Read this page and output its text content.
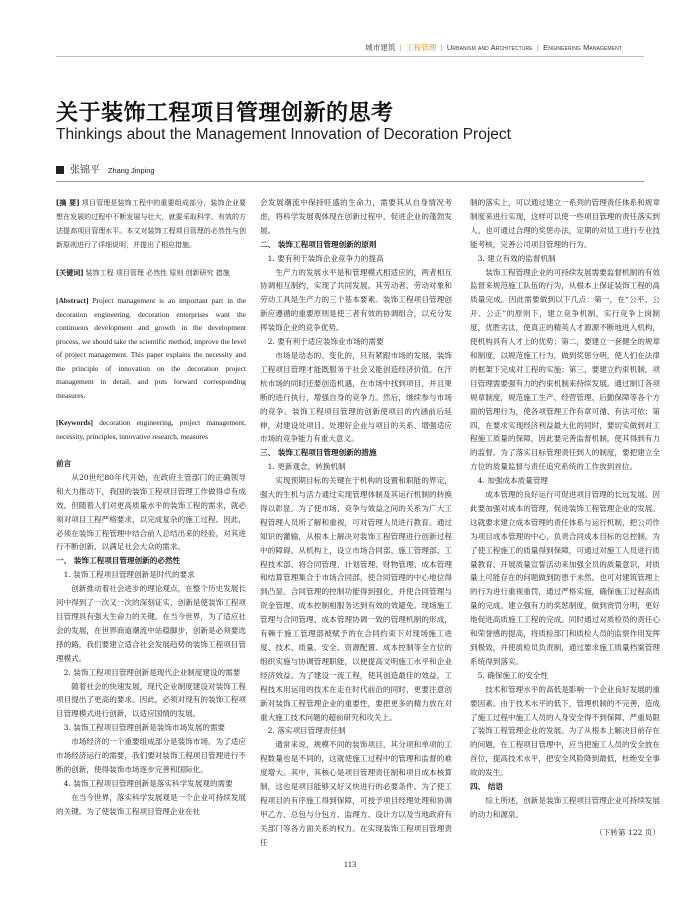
城市建筑 | 工程管理 | Urbanism and Architecture | Engineering Management
关于装饰工程项目管理创新的思考
Thinkings about the Management Innovation of Decoration Project
张锦平 Zhang Jinping

[摘 要] 项目管理是装饰工程中的重要组成部分，装饰企业要想在发展的过程中不断发展与壮大，就要采取科学、有效的方法提高项目管理水平。本文对装饰工程项目管理的必然性与创新原则进行了详细说明，并提出了相应措施。

[关键词] 装饰工程 项目管理 必然性 原则 创新研究 措施

[Abstract] Project management is an important part in the decoration engineering, decoration enterprises want the continuous development and growth in the development process, we should take the scientific method, improve the level of project management. This paper explains the necessity and the principle of innovation on the decoration project management in detail, and puts forward corresponding measures.

[Keywords] decoration engineering, project management, necessity, principles, innovative research, measures

前言

从20世纪80年代开始，在政府主管部门的正确领导和大力推动下，我国的装饰工程项目管理工作做得卓有成效。但随着人们对更高质量水平的装饰工程的需求，就必须对项目工程严格要求，以完成复杂的施工过程。因此，必须在装饰工程管理中结合前人总结出来的经验，对其进行不断创新，以满足社会大众的需求。

一、 装饰工程项目管理创新的必然性

1. 装饰工程项目管理创新是时代的要求

创新推动着社会进步的理论观点，在整个历史发展长河中得到了一次又一次的深刻证实，创新是使装饰工程项目管理具有强大生命力的关键。在当今世界，为了适应社会的发展，在世界商道潮流中站稳脚步，创新是必须要选择的路，我们要建立适合社会发展趋势的装饰工程项目管理模式。

2. 装饰工程项目管理创新是现代企业制度建设的需要

随着社会的快速发展，现代企业制度建设对装饰工程项目提出了更高的要求。因此，必须对现有的装饰工程项目管理模式进行创新，以适应国情的发展。

3. 装饰工程项目管理创新是装饰市场发展的需要

市场经济的一个重要组成部分是装饰市场。为了适应市场经济运行的需要，我们要对装饰工程项目管理进行不断的创新，使得装饰市场逐步完善和国际化。

4. 装饰工程项目管理创新是落实科学发展观的需要

在当今世界，落实科学发展观是一个企业可持续发展的关键。为了使装饰工程项目管理企业在社

会发展潮流中保持旺盛的生命力，需要其从自身情况考虑，将科学发展观体现在创新过程中，促进企业的蓬勃发展。

二、 装饰工程项目管理创新的原则

1. 要有利于装饰企业竞争力的提高

生产力的发展水平是和管理模式相适应的，两者相互协调相互制约，实现了共同发展。其劳动者、劳动对象和劳动工具是生产力的三个基本要素。装饰工程项目管理创新应遵循的重要原则是使三者有效的协调组合，以充分发挥装饰企业的竞争优势。

2. 要有利于适应装饰业市场的需要

市场是动态的、变化的，只有紧跟市场的发展，装饰工程项目管理才能既服务于社会又能创造经济价值。在汗杭市场的同时还要创造机遇，在市场中找到项目，并且果断的进行执行，增强自身的竞争力。然后，继续参与市场的竞争。装饰工程项目管理的创新使项目的内涵前后延伸，对建设处项目、处理好企业与项目的关系、增强适应市场的竞争能力有重大意义。

三、 装饰工程项目管理创新的措施

1. 更新观念，转换机制

实现预期目标的关键在于机构的设置和职能的界定，强大的生机与活力通过实现管理体制及其运行机制的转换得以彰显。为了使市场、竞争与效益之间的关系为广大工程管理人员所了解和重视，可对管理人员进行教育。通过知识的灌输，从根本上解决对装饰工程管理进行创新过程中的障碍。从机构上，设立市场合同部、施工管理部、工程技术部、将合同管理、计划管理、财物管理、成本管理和结算管理集合于市场合同部，使合同管理的中心地位得到凸显。合同管理的控制功能得到强化，并使合同管理与资金管理、成本控制相服务达到有效的效避免。现场施工管理与合同管理、成本管理协调一致的管理机制的形成，有赖于施工管理部被赋予的在合同约束下对现场施工进度、技术、质量、安全、资源配置、成本控制等全方位的组织实施与协调管理职能，以便提高文明施工水平和企业经济效益。为了建设一流工程，使其创造最佳的效益，工程技术用运用的技术在走在时代前沿的同时，更要注意创新对装饰工程管理企业的重要性，要把更多的精力放在对重大施工技术问题的超前研究和攻关上。

2. 落实项目管理责任制

通常来说，规模不同的装饰项目，其分项和单项的工程数量也是不同的，这就使施工过程中的管理和监督的难度增大。其中，其核心是项目管理责任制和项目成本核算制，这也是项目能够又好又快进行的必要条件。为了使工程项目的有序施工得到保障，可授予项目经理处理和协调甲乙方、总包与分包方、监理方、设计方以及当地政府有关部门等各方面关系的权力。在实现装饰工程项目管理责任

制的落实上，可以通过建立一系列的管理责任体系和规章制度来进行实现，这样可以使一些项目管理的责任落实到人。也可通过合理的奖惩办法，定期的对员工进行专业技能考核，完善公司项目管理的行为。

3. 建立有效的监督机制

装饰工程管理企业的可持续发展需要监督机制的有效监督来规范施工队伍的行为，从根本上保证装饰工程的高质量完成。因此需要做到以下几点：第一，在“公平、公开、公正”的原则下，建立竞争机制，实行竞争上岗制度，优胜劣汰，使真正的精英人才源源不断地进入机构，使机构具有人才上的优势；第二，要建立一套健全的规章和制度，以规范施工行为，做到奖惩分明，使人们在法律的框架下完成对工程的实施；第三，要建立约束机制，项目管理需要强有力的约束机制来持续发展。通过制订各项规章制度，规范施工生产、经营管理、后勤保障等各个方面的管理行为，使各项管理工作有章可循、有法可依；第四，在要求实现经济利益最大化的同时，要切实做到对工程施工质量的保障，因此要完善监督机制，使其得到有力的监督。为了落实目标管理责任到人的制度，要把建立全方位的质量监督与责任追究系统的工作放到首位。

4. 加强成本质量管理

成本管理的良好运行可促进项目管理的长远发展。因此要加强对成本的管理，促进装饰工程管理企业的发展。这就要求建立成本管理的责任体系与运行机制，把公司作为项目成本管理的中心，负责合同成本目标的总控制。为了使工程施工的质量得到保障，可通过对施工人员进行质量教育、开展质量宣誓活动来加强全员的质量意识，对质量上可能存在的问题做到防患于未然。也可对建筑管理上的行为进行重视重罚，通过严格实施，确保施工过程高质量的完成。建立强有力的奖惩制度，做到赏罚分明，更好地促进高质施工工程的完成。同时通过对质检员的责任心和荣誉感的提高，将质检部门和质检人员的监察作用发挥到极致，并使质检员负责制，通过要求施工质量档案管理系统得到落实。

5. 确保施工的安全性

技术和管理水平的高低是影响一个企业良好发展的重要因素。由于技术水平的低下，管理机制的不完善，造成了施工过程中施工人员的人身安全得不到保障，严重局限了装饰工程管理企业的发展。为了从根本上解决目前存在的问题，在工程项目管理中，应当把施工人员的安全放在首位，提高技术水平，把安全风险降到最低，杜绝安全事故的发生。

四、 结语

综上所述，创新是装饰工程项目管理企业可持续发展的动力和源泉。

（下转第 122 页）

113
